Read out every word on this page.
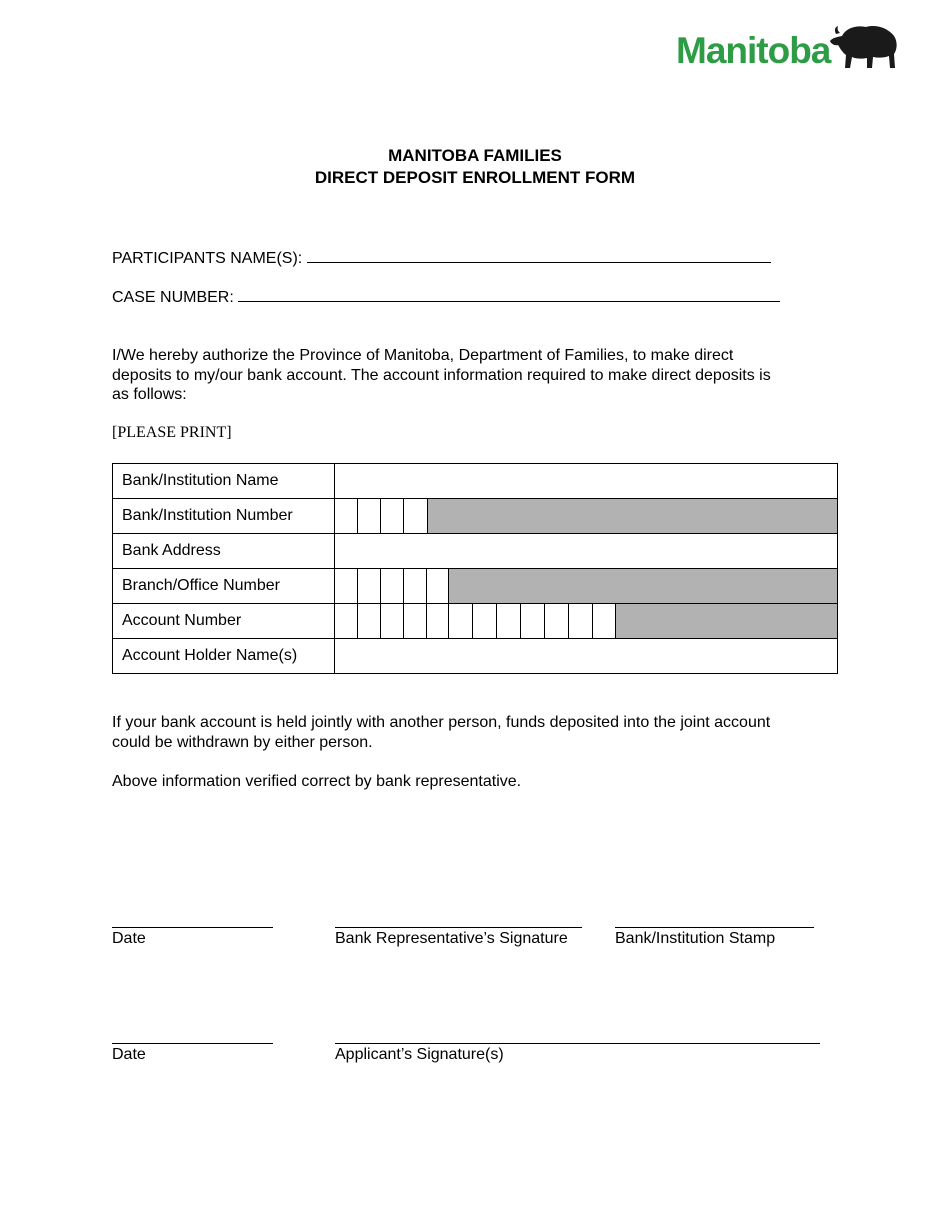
Manitoba
MANITOBA FAMILIES
DIRECT DEPOSIT ENROLLMENT FORM
PARTICIPANTS NAME(S):
CASE NUMBER:
I/We hereby authorize the Province of Manitoba, Department of Families, to make direct
deposits to my/our bank account. The account information required to make direct deposits is
as follows:
[PLEASE PRINT]
Bank/Institution Name	
Bank/Institution Number	

Bank Address	
Branch/Office Number	

Account Number	

Account Holder Name(s)	
If your bank account is held jointly with another person, funds deposited into the joint account
could be withdrawn by either person.
Above information verified correct by bank representative.
Date	Bank Representative’s Signature	Bank/Institution Stamp
Date	Applicant’s Signature(s)
